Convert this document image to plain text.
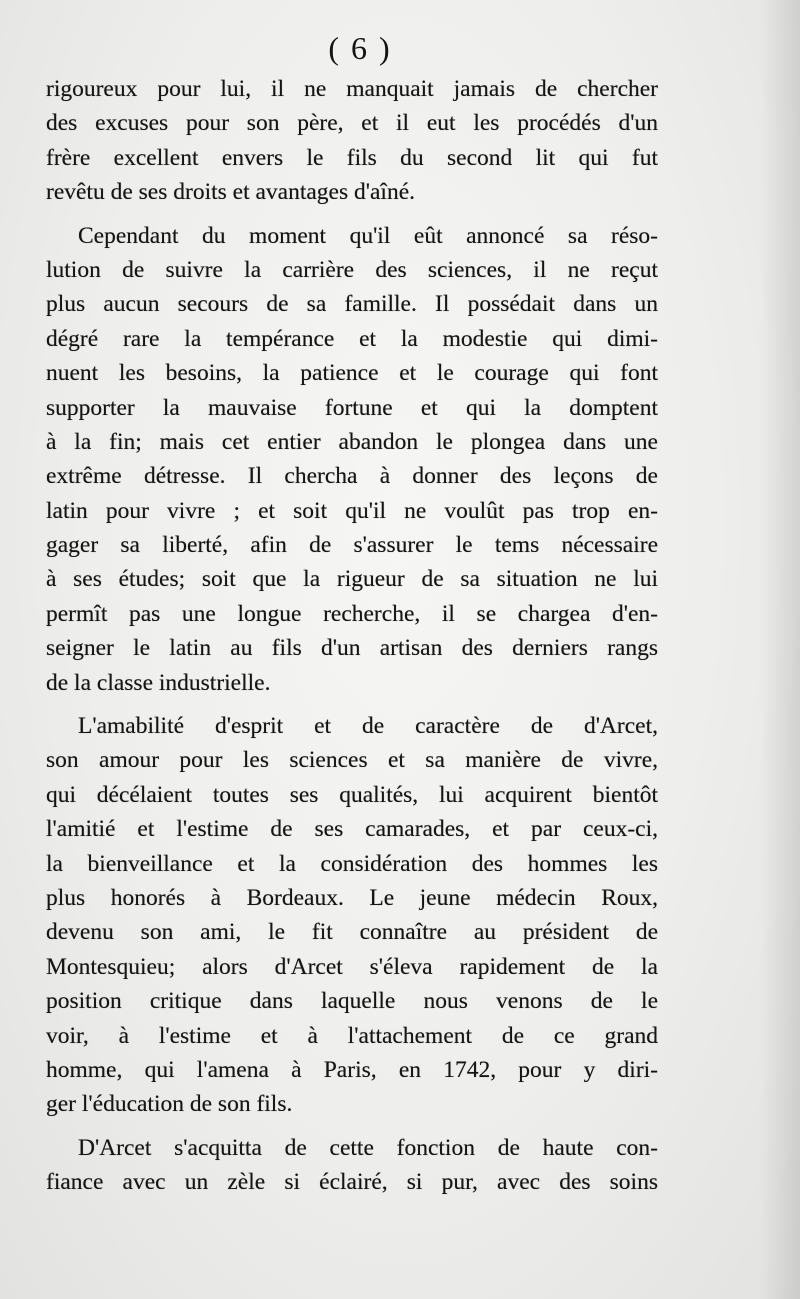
( 6 )
rigoureux pour lui, il ne manquait jamais de chercher
des excuses pour son père, et il eut les procédés d'un
frère excellent envers le fils du second lit qui fut
revêtu de ses droits et avantages d'aîné.
Cependant du moment qu'il eût annoncé sa réso-
lution de suivre la carrière des sciences, il ne reçut
plus aucun secours de sa famille. Il possédait dans un
dégré rare la tempérance et la modestie qui dimi-
nuent les besoins, la patience et le courage qui font
supporter la mauvaise fortune et qui la domptent
à la fin; mais cet entier abandon le plongea dans une
extrême détresse. Il chercha à donner des leçons de
latin pour vivre ; et soit qu'il ne voulût pas trop en-
gager sa liberté, afin de s'assurer le tems nécessaire
à ses études; soit que la rigueur de sa situation ne lui
permît pas une longue recherche, il se chargea d'en-
seigner le latin au fils d'un artisan des derniers rangs
de la classe industrielle.
L'amabilité d'esprit et de caractère de d'Arcet,
son amour pour les sciences et sa manière de vivre,
qui décélaient toutes ses qualités, lui acquirent bientôt
l'amitié et l'estime de ses camarades, et par ceux-ci,
la bienveillance et la considération des hommes les
plus honorés à Bordeaux. Le jeune médecin Roux,
devenu son ami, le fit connaître au président de
Montesquieu; alors d'Arcet s'éleva rapidement de la
position critique dans laquelle nous venons de le
voir, à l'estime et à l'attachement de ce grand
homme, qui l'amena à Paris, en 1742, pour y diri-
ger l'éducation de son fils.
D'Arcet s'acquitta de cette fonction de haute con-
fiance avec un zèle si éclairé, si pur, avec des soins
